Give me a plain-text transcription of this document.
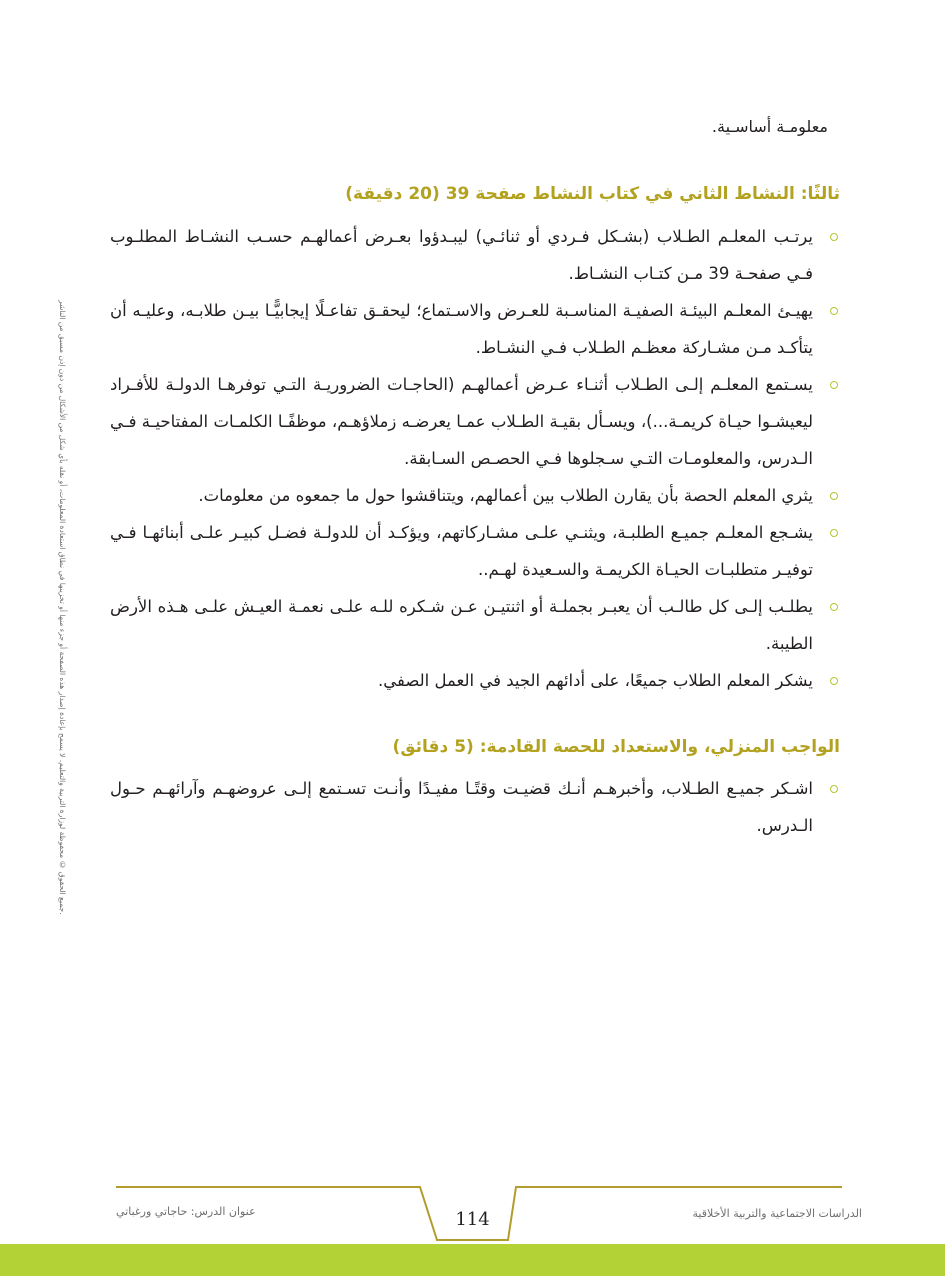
جميع الحقوق © محفوظة لوزارة التربية والتعليم. لا يسمح بإعادة إصدار هذه الصفحة أو جزء منها أو تخزينها في نطاق استعادة المعلومات، أو نقله بأي شكل من الأشكال من دون إذن مسبق من الناشر.

معلومـة أساسـية.

ثالثًا: النشاط الثاني في كتاب النشاط صفحة 39 (20 دقيقة)
يرتـب المعلـم الطـلاب (بشـكل فـردي أو ثنائـي) ليبـدؤوا بعـرض أعمالهـم حسـب النشـاط المطلـوب فـي صفحـة 39 مـن كتـاب النشـاط.
يهيـئ المعلـم البيئـة الصفيـة المناسـبة للعـرض والاسـتماع؛ ليحقـق تفاعـلًا إيجابيًّـا بيـن طلابـه، وعليـه أن يتأكـد مـن مشـاركة معظـم الطـلاب فـي النشـاط.
يسـتمع المعلـم إلـى الطـلاب أثنـاء عـرض أعمالهـم (الحاجـات الضروريـة التـي توفرهـا الدولـة للأفـراد ليعيشـوا حيـاة كريمـة...)، ويسـأل بقيـة الطـلاب عمـا يعرضـه زملاؤهـم، موظفًـا الكلمـات المفتاحيـة فـي الـدرس، والمعلومـات التـي سـجلوها فـي الحصـص السـابقة.
يثري المعلم الحصة بأن يقارن الطلاب بين أعمالهم، ويتناقشوا حول ما جمعوه من معلومات.
يشـجع المعلـم جميـع الطلبـة، ويثنـي علـى مشـاركاتهم، ويؤكـد أن للدولـة فضـل كبيـر علـى أبنائهـا فـي توفيـر متطلبـات الحيـاة الكريمـة والسـعيدة لهـم..
يطلـب إلـى كل طالـب أن يعبـر بجملـة أو اثنتيـن عـن شـكره للـه علـى نعمـة العيـش علـى هـذه الأرض الطيبة.
يشكر المعلم الطلاب جميعًا، على أدائهم الجيد في العمل الصفي.
الواجب المنزلي، والاستعداد للحصة القادمة: (5 دقائق)
اشـكر جميـع الطـلاب، وأخبرهـم أنـك قضيـت وقتًـا مفيـدًا وأنـت تسـتمع إلـى عروضهـم وآرائهـم حـول الـدرس.
عنوان الدرس: حاجاتي ورغباتي	114	الدراسات الاجتماعية والتربية الأخلاقية
